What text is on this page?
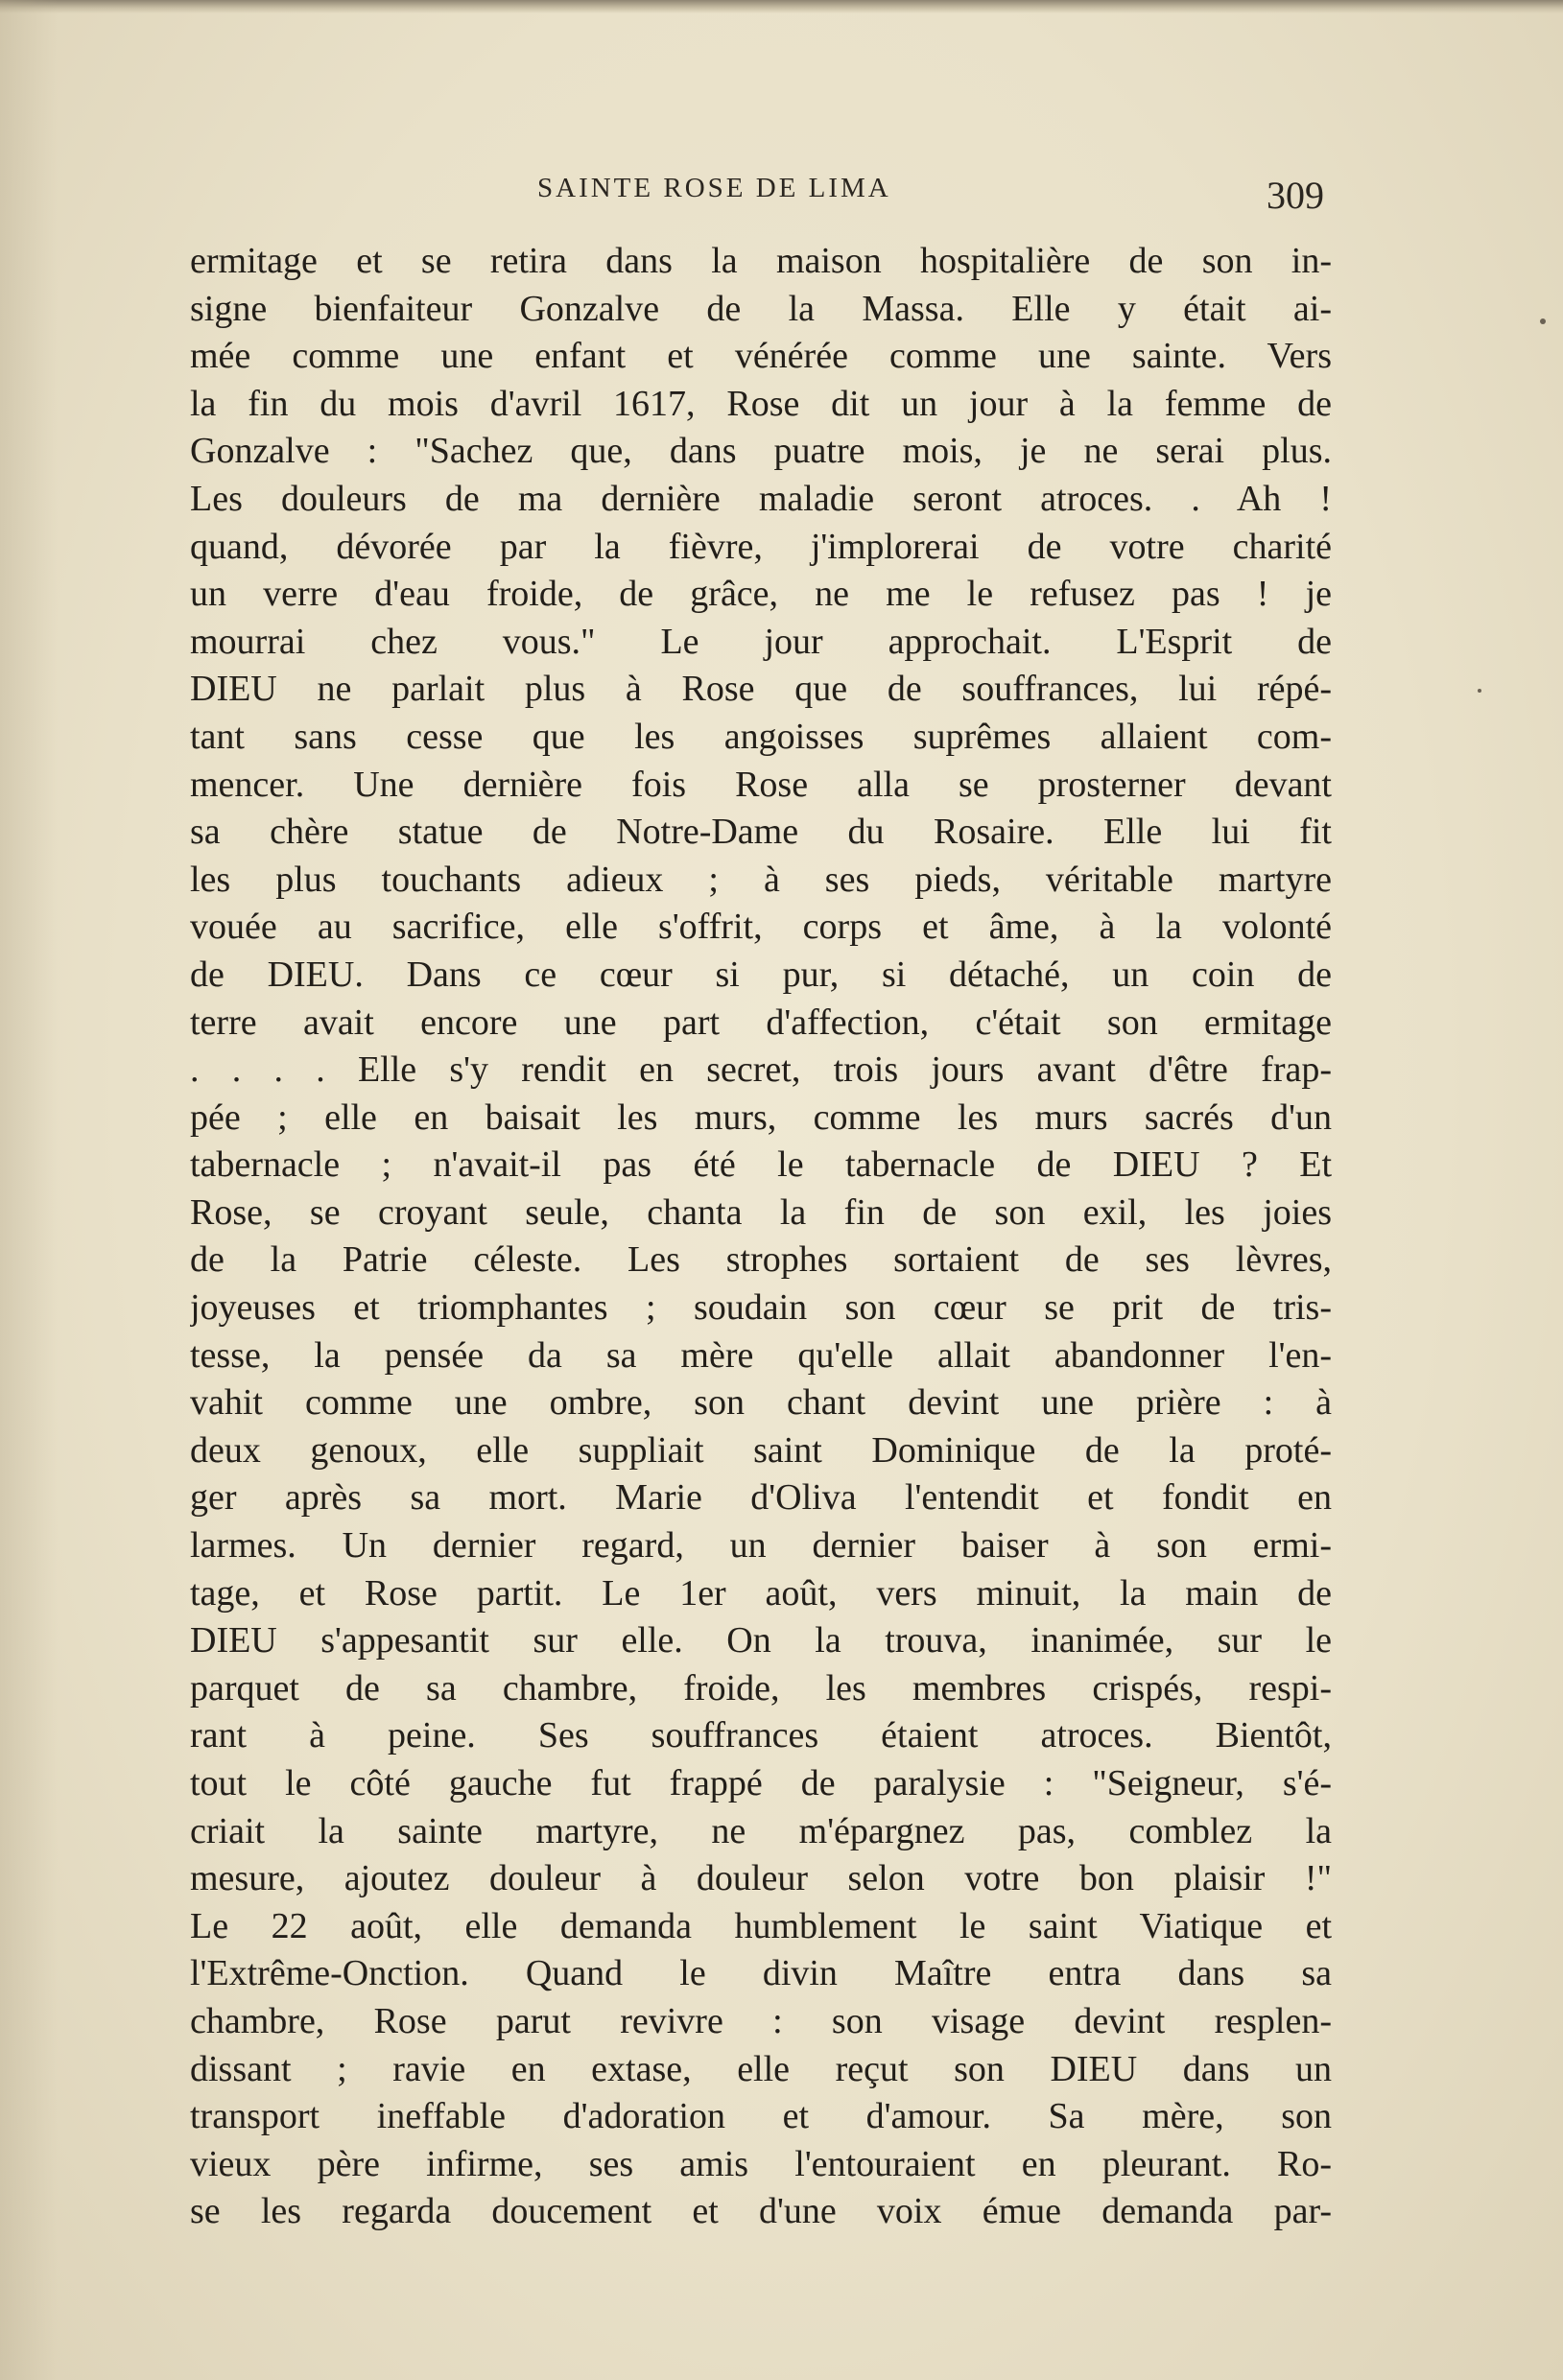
SAINTE ROSE DE LIMA	309
ermitage et se retira dans la maison hospitalière de son in-
signe bienfaiteur Gonzalve de la Massa. Elle y était ai-
mée comme une enfant et vénérée comme une sainte. Vers
la fin du mois d'avril 1617, Rose dit un jour à la femme de
Gonzalve : "Sachez que, dans puatre mois, je ne serai plus.
Les douleurs de ma dernière maladie seront atroces. . Ah !
quand, dévorée par la fièvre, j'implorerai de votre charité
un verre d'eau froide, de grâce, ne me le refusez pas ! je
mourrai chez vous." Le jour approchait. L'Esprit de
DIEU ne parlait plus à Rose que de souffrances, lui répé-
tant sans cesse que les angoisses suprêmes allaient com-
mencer. Une dernière fois Rose alla se prosterner devant
sa chère statue de Notre-Dame du Rosaire. Elle lui fit
les plus touchants adieux ; à ses pieds, véritable martyre
vouée au sacrifice, elle s'offrit, corps et âme, à la volonté
de DIEU. Dans ce cœur si pur, si détaché, un coin de
terre avait encore une part d'affection, c'était son ermitage
. . . . Elle s'y rendit en secret, trois jours avant d'être frap-
pée ; elle en baisait les murs, comme les murs sacrés d'un
tabernacle ; n'avait-il pas été le tabernacle de DIEU ? Et
Rose, se croyant seule, chanta la fin de son exil, les joies
de la Patrie céleste. Les strophes sortaient de ses lèvres,
joyeuses et triomphantes ; soudain son cœur se prit de tris-
tesse, la pensée da sa mère qu'elle allait abandonner l'en-
vahit comme une ombre, son chant devint une prière : à
deux genoux, elle suppliait saint Dominique de la proté-
ger après sa mort. Marie d'Oliva l'entendit et fondit en
larmes. Un dernier regard, un dernier baiser à son ermi-
tage, et Rose partit. Le 1er août, vers minuit, la main de
DIEU s'appesantit sur elle. On la trouva, inanimée, sur le
parquet de sa chambre, froide, les membres crispés, respi-
rant à peine. Ses souffrances étaient atroces. Bientôt,
tout le côté gauche fut frappé de paralysie : "Seigneur, s'é-
criait la sainte martyre, ne m'épargnez pas, comblez la
mesure, ajoutez douleur à douleur selon votre bon plaisir !"
Le 22 août, elle demanda humblement le saint Viatique et
l'Extrême-Onction. Quand le divin Maître entra dans sa
chambre, Rose parut revivre : son visage devint resplen-
dissant ; ravie en extase, elle reçut son DIEU dans un
transport ineffable d'adoration et d'amour. Sa mère, son
vieux père infirme, ses amis l'entouraient en pleurant. Ro-
se les regarda doucement et d'une voix émue demanda par-
